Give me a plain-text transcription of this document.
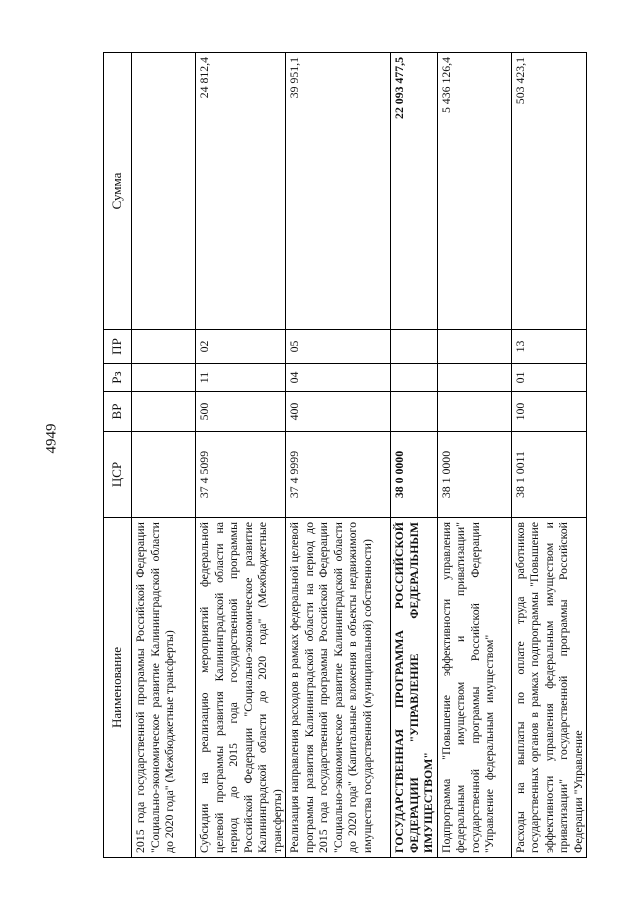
4949
Наименование	ЦСР	ВР	Рз	ПР	Сумма
2015 года государственной программы Российской Федерации "Социально-экономическое развитие Калининградской области до 2020 года" (Межбюджетные трансферты)					
Субсидии на реализацию мероприятий федеральной целевой программы развития Калининградской области на период до 2015 года государственной программы Российской Федерации "Социально-экономическое развитие Калининградской области до 2020 года" (Межбюджетные трансферты)	37 4 5099	500	11	02	24 812,4
Реализация направления расходов в рамках федеральной целевой программы развития Калининградской области на период до 2015 года государственной программы Российской Федерации "Социально-экономическое развитие Калининградской области до 2020 года" (Капитальные вложения в объекты недвижимого имущества государственной (муниципальной) собственности)	37 4 9999	400	04	05	39 951,1
ГОСУДАРСТВЕННАЯ ПРОГРАММА РОССИЙСКОЙ ФЕДЕРАЦИИ "УПРАВЛЕНИЕ ФЕДЕРАЛЬНЫМ ИМУЩЕСТВОМ"	38 0 0000				22 093 477,5
Подпрограмма "Повышение эффективности управления федеральным имуществом и приватизации" государственной программы Российской Федерации "Управление федеральным имуществом"	38 1 0000				5 436 126,4
Расходы на выплаты по оплате труда работников государственных органов в рамках подпрограммы "Повышение эффективности управления федеральным имуществом и приватизации" государственной программы Российской Федерации "Управление	38 1 0011	100	01	13	503 423,1
